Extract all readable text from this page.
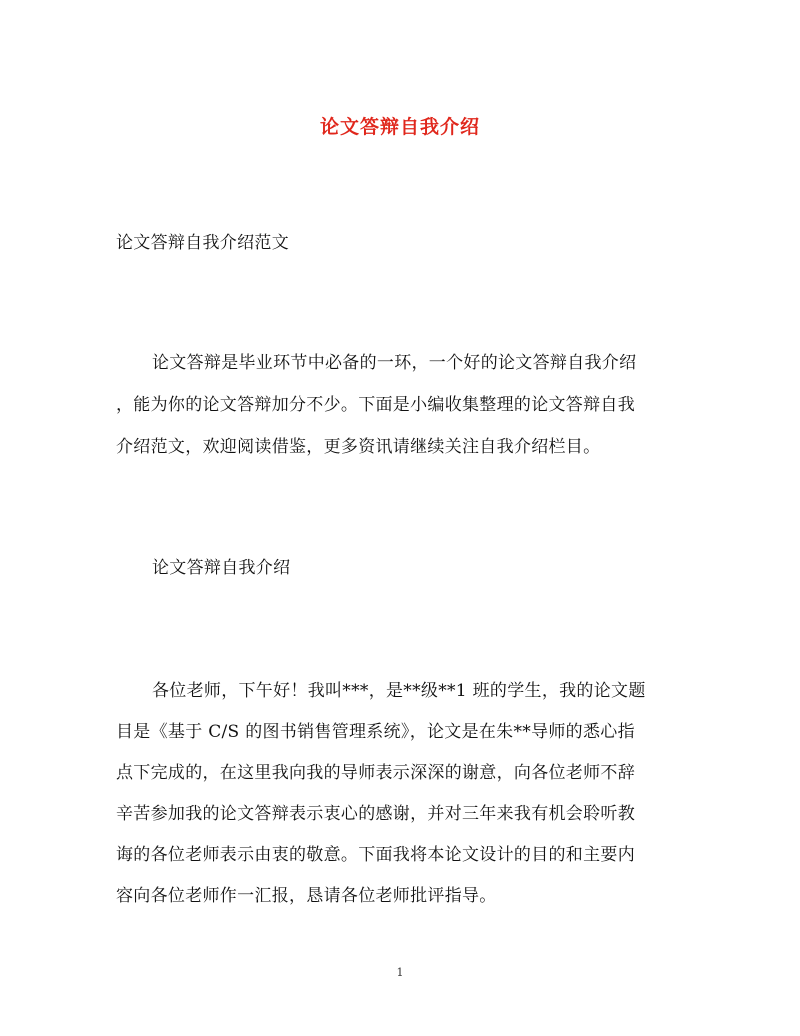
论文答辩自我介绍
论文答辩自我介绍范文
论文答辩是毕业环节中必备的一环，一个好的论文答辩自我介绍
，能为你的论文答辩加分不少。下面是小编收集整理的论文答辩自我
介绍范文，欢迎阅读借鉴，更多资讯请继续关注自我介绍栏目。
论文答辩自我介绍
各位老师，下午好！我叫***，是**级**1 班的学生，我的论文题
目是《基于 C/S 的图书销售管理系统》，论文是在朱**导师的悉心指
点下完成的，在这里我向我的导师表示深深的谢意，向各位老师不辞
辛苦参加我的论文答辩表示衷心的感谢，并对三年来我有机会聆听教
诲的各位老师表示由衷的敬意。下面我将本论文设计的目的和主要内
容向各位老师作一汇报，恳请各位老师批评指导。
1
